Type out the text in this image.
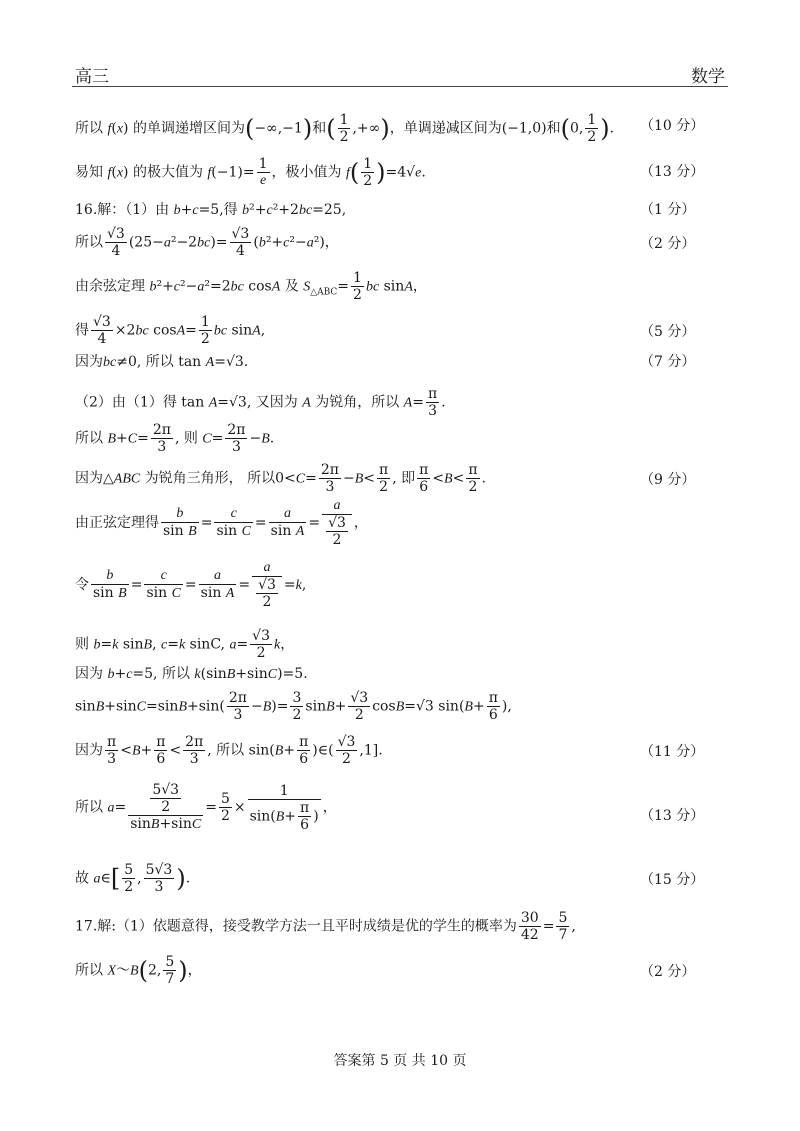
高三	数学
所以 f(x) 的单调递增区间为(−∞,−1)和( $\frac{1}{2}$ ,+∞)，单调递减区间为(−1,0)和(0, $\frac{1}{2}$ ). （10 分）
易知 f(x) 的极大值为 $f(-1)= \frac{1}{e}$ ，极小值为 $f( \frac{1}{2} )=4√e$.	（13 分）
16.解：（1）由 b+c=5,得 b²+c²+2bc=25,	（1 分）
所以 $\frac{√3}{4} (25-a^2-2bc)= \frac{√3}{4} (b^2+c^2-a^2)$，	（2 分）
由余弦定理 b²+c²−a²=2bc cosA 及 $S_{\triangle ABC}= \frac{1}{2}$ bc sinA，
得 $\frac{√3}{4} \times 2bc$ $\cos A= \frac{1}{2}$ bc sinA,	（5 分）
因为bc≠0, 所以 tan A=√3.	（7 分）
（2）由（1）得 tan A=√3, 又因为 A 为锐角，所以 $A= \frac{\pi}{3}$ .
所以 $B+C= \frac{2\pi}{3}$ , 则 $C= \frac{2\pi}{3} -B$.
因为△ABC 为锐角三角形， 所以$0<C= \frac{2\pi}{3} -B< \frac{\pi}{2}$ , 即 $\frac{\pi}{6} <B< \frac{\pi}{2}$ .	（9 分）
由正弦定理得 $\frac{b}{\text{sin B}} = \frac{c}{\text{sin C}} = \frac{a}{\text{sin A}} = \frac{a}{\frac{√3}{2}}$ ，
令 $\frac{b}{\text{sin B}} = \frac{c}{\text{sin C}} = \frac{a}{\text{sin A}} = \frac{a}{\frac{√3}{2}} =k$,
则 b=k sinB, c=k sinC, $a= \frac{√3}{2}$ k，
因为 b+c=5, 所以 k(sinB+sinC)=5.
$\sin B+\sin C=\sin B+\sin( \frac{2\pi}{3} -B)= \frac{3}{2} \sin B+ \frac{√3}{2} \cos B=√3$ $\sin(B+ \frac{\pi}{6}$ ),
因为 $\frac{\pi}{3} <B+ \frac{\pi}{6} < \frac{2\pi}{3}$ , 所以 $\sin(B+ \frac{\pi}{6}$ )∈( $\frac{√3}{2} ,1$].	（11 分）
所以 $a= \frac{\frac{5√3}{2}}{\sin B+\sin C} = \frac{5}{2} \times \frac{1}{\sin(B+ \frac{\pi}{6} )}$ ，
（13 分）
故 a∈[ $\frac{5}{2}$ , $\frac{5√3}{3}$ ).	（15 分）
17.解:（1）依题意得，接受教学方法一且平时成绩是优的学生的概率为 $\frac{30}{42} = \frac{5}{7}$ ,
所以 X～B(2, $\frac{5}{7}$ )，	（2 分）
答案第 5 页 共 10 页
